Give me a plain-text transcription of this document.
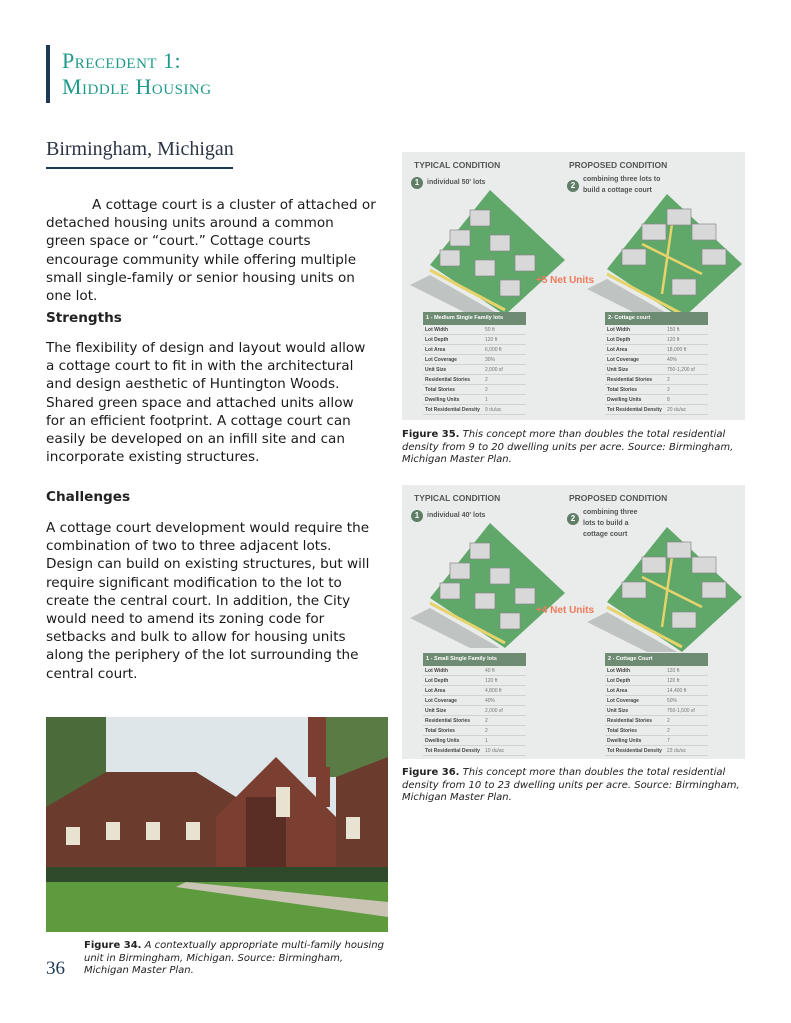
Precedent 1:
Middle Housing
Birmingham, Michigan

A cottage court is a cluster of attached or detached housing units around a common green space or “court.” Cottage courts encourage community while offering multiple small single-family or senior housing units on one lot.

Strengths

The flexibility of design and layout would allow a cottage court to fit in with the architectural and design aesthetic of Huntington Woods. Shared green space and attached units allow for an efficient footprint. A cottage court can easily be developed on an infill site and can incorporate existing structures.

Challenges

A cottage court development would require the combination of two to three adjacent lots. Design can build on existing structures, but will require significant modification to the lot to create the central court. In addition, the City would need to amend its zoning code for setbacks and bulk to allow for housing units along the periphery of the lot surrounding the central court.

Figure 34. A contextually appropriate multi-family housing unit in Birmingham, Michigan. Source: Birmingham, Michigan Master Plan.
36
TYPICAL CONDITION	PROPOSED CONDITION
1	individual 50' lots	2
combining three lots to build a cottage court
+5 Net Units
1 - Medium Single Family lots
Lot Width	50 ft
Lot Depth	120 ft
Lot Area	6,000 ft
Lot Coverage	30%
Unit Size	2,000 sf
Residential Stories	2
Total Stories	2
Dwelling Units	1
Tot Residential Density	9 du/ac
2- Cottage court
Lot Width	150 ft
Lot Depth	120 ft
Lot Area	18,000 ft
Lot Coverage	40%
Unit Size	750-1,200 sf
Residential Stories	2
Total Stories	2
Dwelling Units	8
Tot Residential Density	20 du/ac
Figure 35. This concept more than doubles the total residential density from 9 to 20 dwelling units per acre. Source: Birmingham, Michigan Master Plan.
TYPICAL CONDITION	PROPOSED CONDITION
1	individual 40' lots	2
combining three lots to build a cottage court
+4 Net Units
1 - Small Single Family lots
Lot Width	40 ft
Lot Depth	120 ft
Lot Area	4,800 ft
Lot Coverage	40%
Unit Size	2,000 sf
Residential Stories	2
Total Stories	2
Dwelling Units	1
Tot Residential Density	10 du/ac
2 - Cottage Court
Lot Width	120 ft
Lot Depth	120 ft
Lot Area	14,400 ft
Lot Coverage	50%
Unit Size	750-1,500 sf
Residential Stories	2
Total Stories	2
Dwelling Units	7
Tot Residential Density	23 du/ac
Figure 36. This concept more than doubles the total residential density from 10 to 23 dwelling units per acre. Source: Birmingham, Michigan Master Plan.
